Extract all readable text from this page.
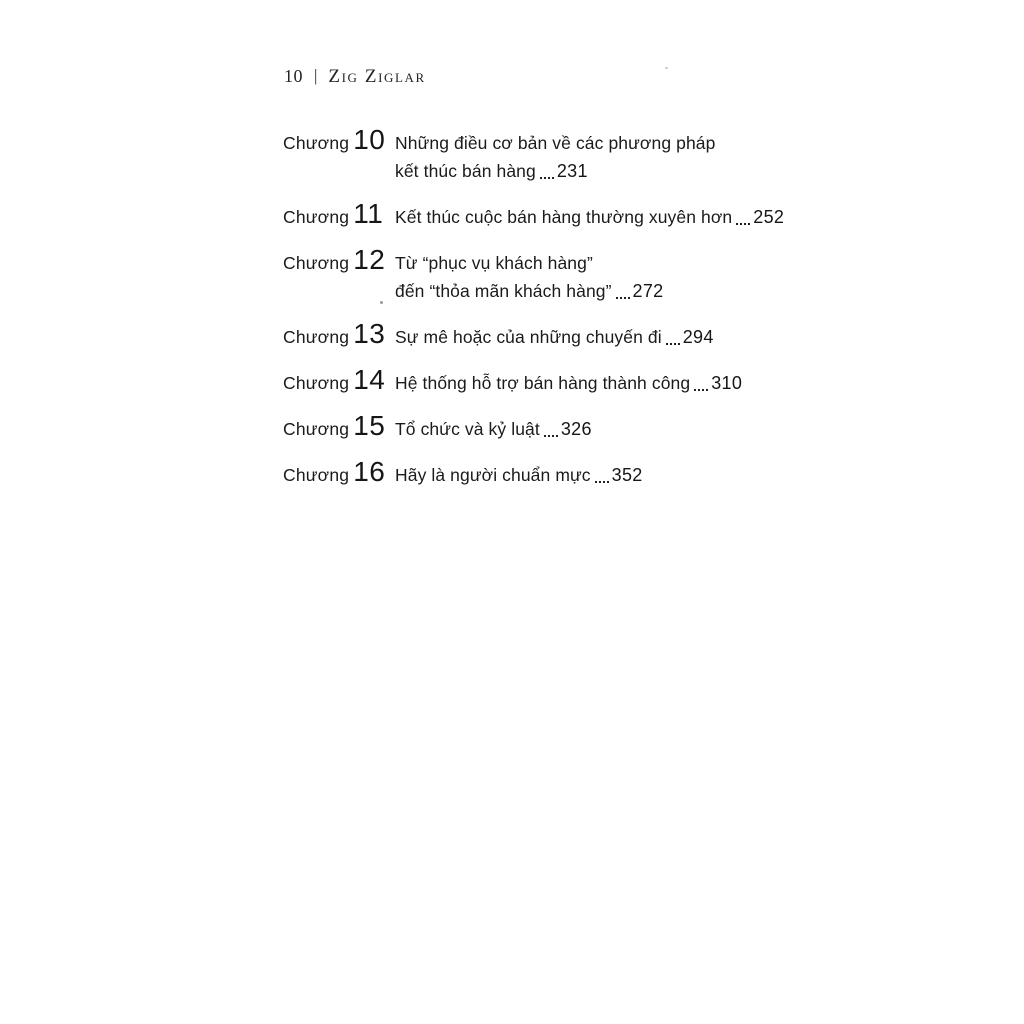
10 | Zig Ziglar
Chương 10 Những điều cơ bản về các phương pháp
kết thúc bán hàng 231
Chương 11 Kết thúc cuộc bán hàng thường xuyên hơn 252
Chương 12 Từ “phục vụ khách hàng”
đến “thỏa mãn khách hàng” 272
Chương 13 Sự mê hoặc của những chuyến đi 294
Chương 14 Hệ thống hỗ trợ bán hàng thành công 310
Chương 15 Tổ chức và kỷ luật 326
Chương 16 Hãy là người chuẩn mực 352
